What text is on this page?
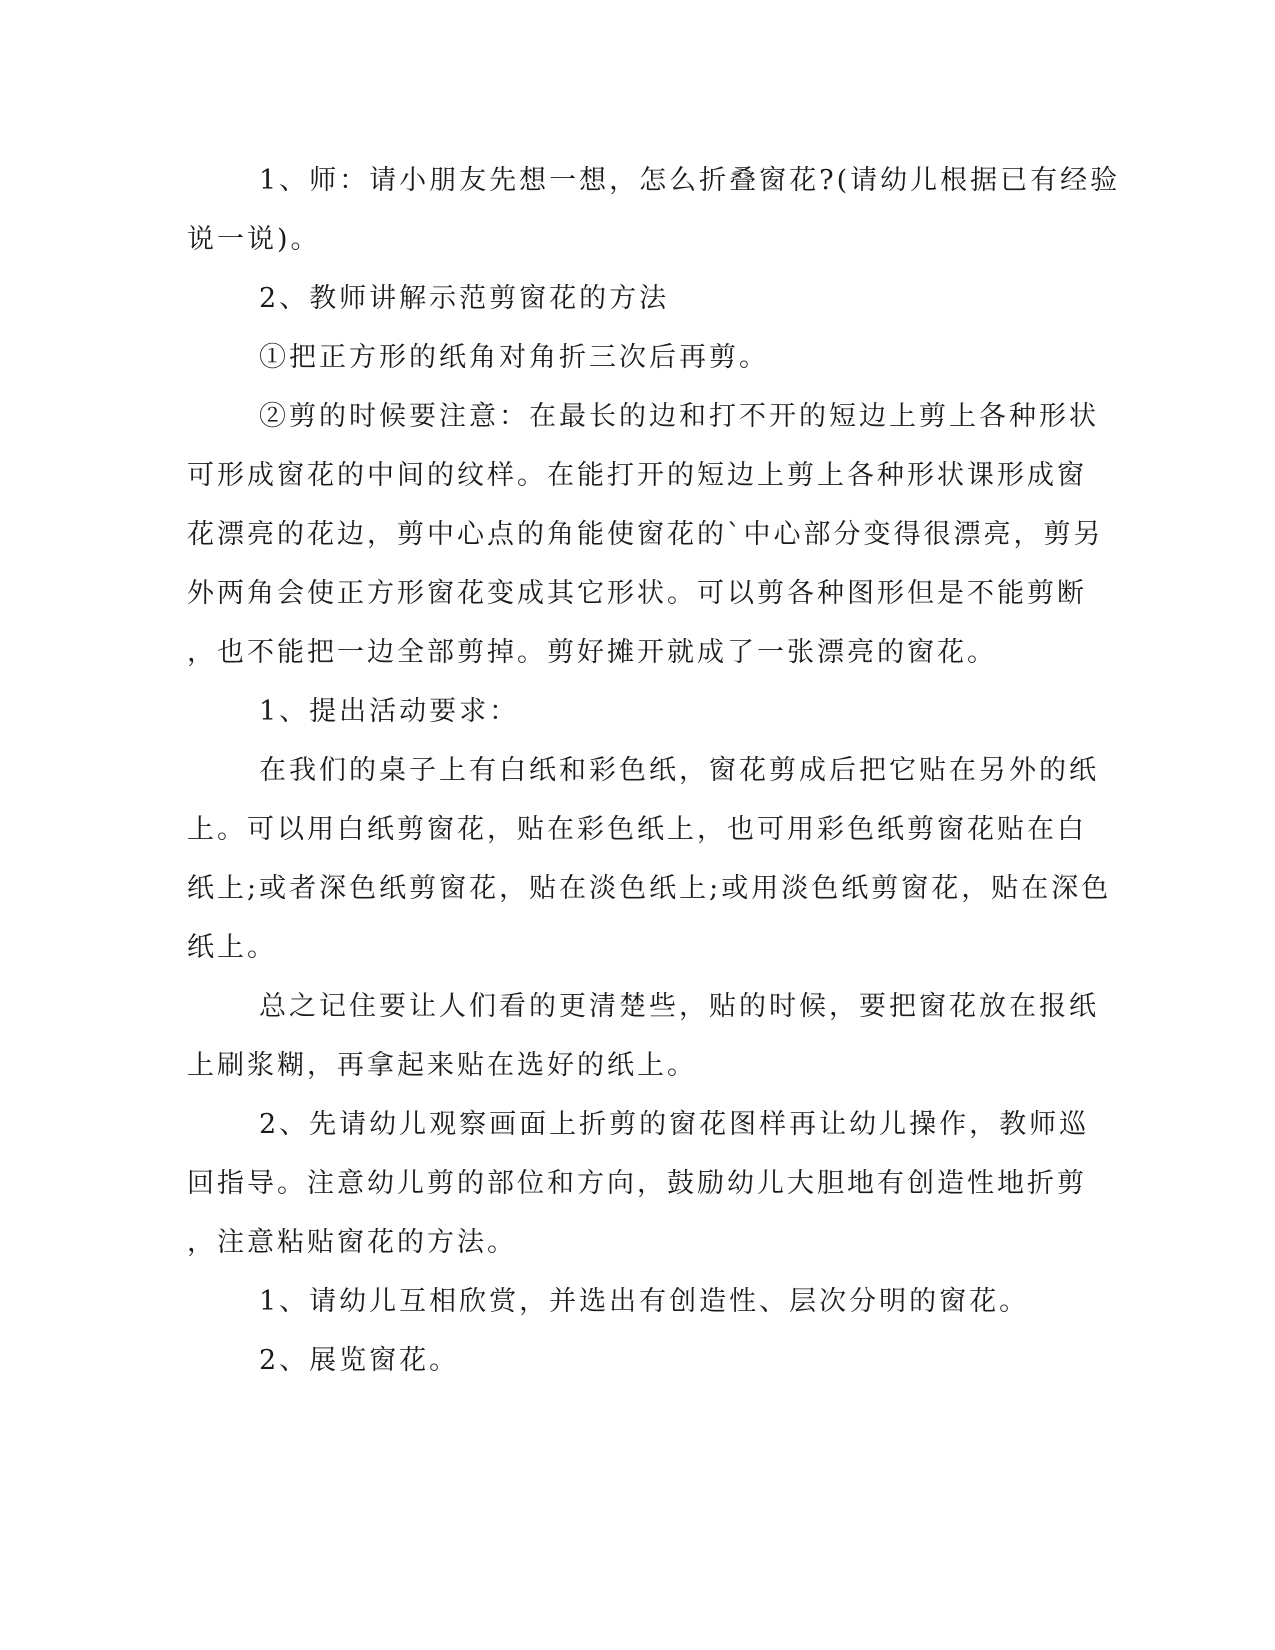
1、师：请小朋友先想一想，怎么折叠窗花?(请幼儿根据已有经验
说一说)。
2、教师讲解示范剪窗花的方法
①把正方形的纸角对角折三次后再剪。
②剪的时候要注意：在最长的边和打不开的短边上剪上各种形状
可形成窗花的中间的纹样。在能打开的短边上剪上各种形状课形成窗
花漂亮的花边，剪中心点的角能使窗花的`中心部分变得很漂亮，剪另
外两角会使正方形窗花变成其它形状。可以剪各种图形但是不能剪断
，也不能把一边全部剪掉。剪好摊开就成了一张漂亮的窗花。
1、提出活动要求：
在我们的桌子上有白纸和彩色纸，窗花剪成后把它贴在另外的纸
上。可以用白纸剪窗花，贴在彩色纸上，也可用彩色纸剪窗花贴在白
纸上;或者深色纸剪窗花，贴在淡色纸上;或用淡色纸剪窗花，贴在深色
纸上。
总之记住要让人们看的更清楚些，贴的时候，要把窗花放在报纸
上刷浆糊，再拿起来贴在选好的纸上。
2、先请幼儿观察画面上折剪的窗花图样再让幼儿操作，教师巡
回指导。注意幼儿剪的部位和方向，鼓励幼儿大胆地有创造性地折剪
，注意粘贴窗花的方法。
1、请幼儿互相欣赏，并选出有创造性、层次分明的窗花。
2、展览窗花。
